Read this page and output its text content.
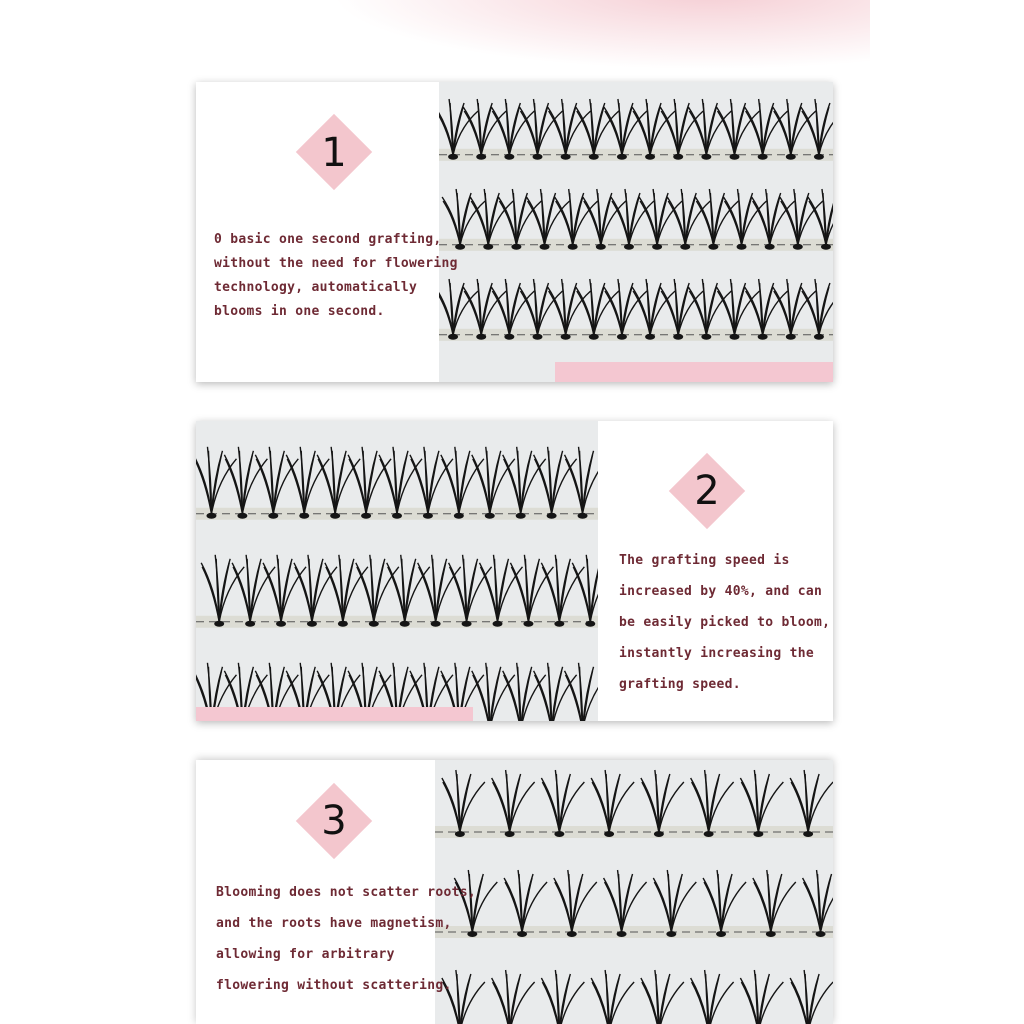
1
0 basic one second grafting,
without the need for flowering
technology, automatically
blooms in one second.
2
The grafting speed is
increased by 40%, and can
be easily picked to bloom,
instantly increasing the
grafting speed.
3
Blooming does not scatter roots,
and the roots have magnetism,
allowing for arbitrary
flowering without scattering.
